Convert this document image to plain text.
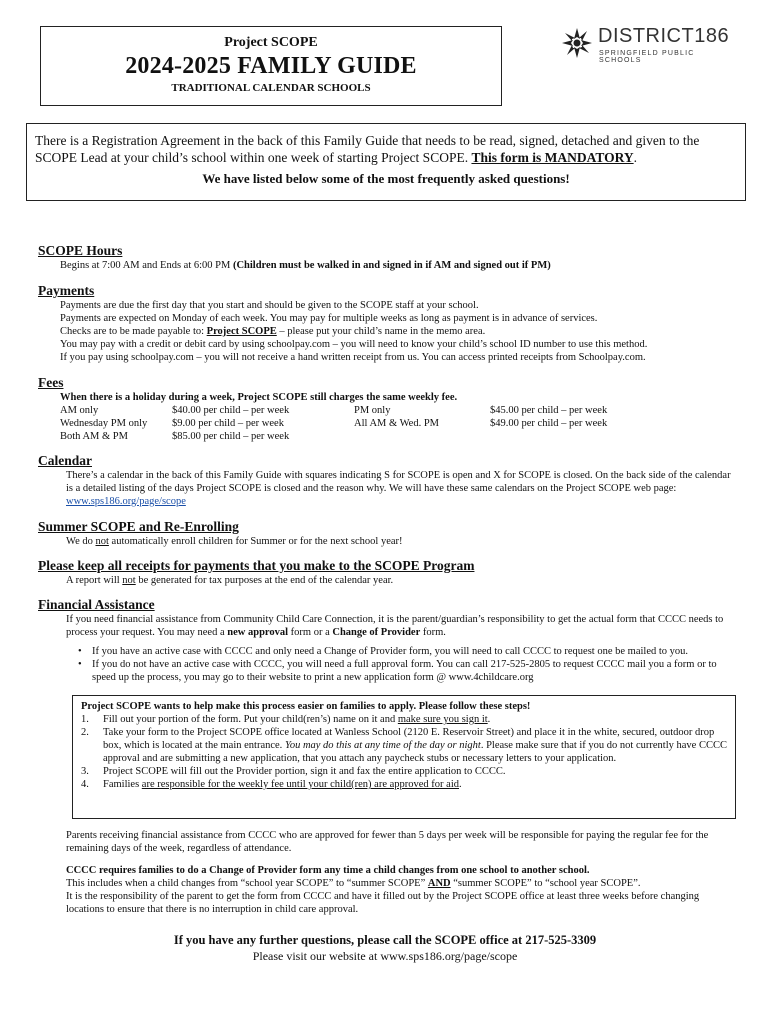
Project SCOPE
2024-2025 FAMILY GUIDE
TRADITIONAL CALENDAR SCHOOLS
DISTRICT186
SPRINGFIELD PUBLIC SCHOOLS
There is a Registration Agreement in the back of this Family Guide that needs to be read, signed, detached and given to the SCOPE Lead at your child’s school within one week of starting Project SCOPE. This form is MANDATORY.
We have listed below some of the most frequently asked questions!
SCOPE Hours
Begins at 7:00 AM and Ends at 6:00 PM (Children must be walked in and signed in if AM and signed out if PM)
Payments
Payments are due the first day that you start and should be given to the SCOPE staff at your school.
Payments are expected on Monday of each week. You may pay for multiple weeks as long as payment is in advance of services.
Checks are to be made payable to: Project SCOPE – please put your child’s name in the memo area.
You may pay with a credit or debit card by using schoolpay.com – you will need to know your child’s school ID number to use this method.
If you pay using schoolpay.com – you will not receive a hand written receipt from us. You can access printed receipts from Schoolpay.com.
Fees
When there is a holiday during a week, Project SCOPE still charges the same weekly fee.
AM only	$40.00 per child – per week	PM only	$45.00 per child – per week
Wednesday PM only	$9.00 per child – per week	All AM & Wed. PM	$49.00 per child – per week
Both AM & PM	$85.00 per child – per week
Calendar
There’s a calendar in the back of this Family Guide with squares indicating S for SCOPE is open and X for SCOPE is closed. On the back side of the calendar is a detailed listing of the days Project SCOPE is closed and the reason why. We will have these same calendars on the Project SCOPE web page: www.sps186.org/page/scope
Summer SCOPE and Re-Enrolling
We do not automatically enroll children for Summer or for the next school year!
Please keep all receipts for payments that you make to the SCOPE Program
A report will not be generated for tax purposes at the end of the calendar year.
Financial Assistance
If you need financial assistance from Community Child Care Connection, it is the parent/guardian’s responsibility to get the actual form that CCCC needs to process your request. You may need a new approval form or a Change of Provider form.
• If you have an active case with CCCC and only need a Change of Provider form, you will need to call CCCC to request one be mailed to you.
• If you do not have an active case with CCCC, you will need a full approval form. You can call 217-525-2805 to request CCCC mail you a form or to speed up the process, you may go to their website to print a new application form @ www.4childcare.org
Project SCOPE wants to help make this process easier on families to apply. Please follow these steps!
1.	Fill out your portion of the form. Put your child(ren’s) name on it and make sure you sign it.
2.	Take your form to the Project SCOPE office located at Wanless School (2120 E. Reservoir Street) and place it in the white, secured, outdoor drop box, which is located at the main entrance. You may do this at any time of the day or night. Please make sure that if you do not currently have CCCC approval and are submitting a new application, that you attach any paycheck stubs or necessary letters to your application.
3.	Project SCOPE will fill out the Provider portion, sign it and fax the entire application to CCCC.
4.	Families are responsible for the weekly fee until your child(ren) are approved for aid.
Parents receiving financial assistance from CCCC who are approved for fewer than 5 days per week will be responsible for paying the regular fee for the remaining days of the week, regardless of attendance.
CCCC requires families to do a Change of Provider form any time a child changes from one school to another school.
This includes when a child changes from “school year SCOPE” to “summer SCOPE” AND “summer SCOPE” to “school year SCOPE”.
It is the responsibility of the parent to get the form from CCCC and have it filled out by the Project SCOPE office at least three weeks before changing locations to ensure that there is no interruption in child care approval.
If you have any further questions, please call the SCOPE office at 217-525-3309
Please visit our website at www.sps186.org/page/scope
